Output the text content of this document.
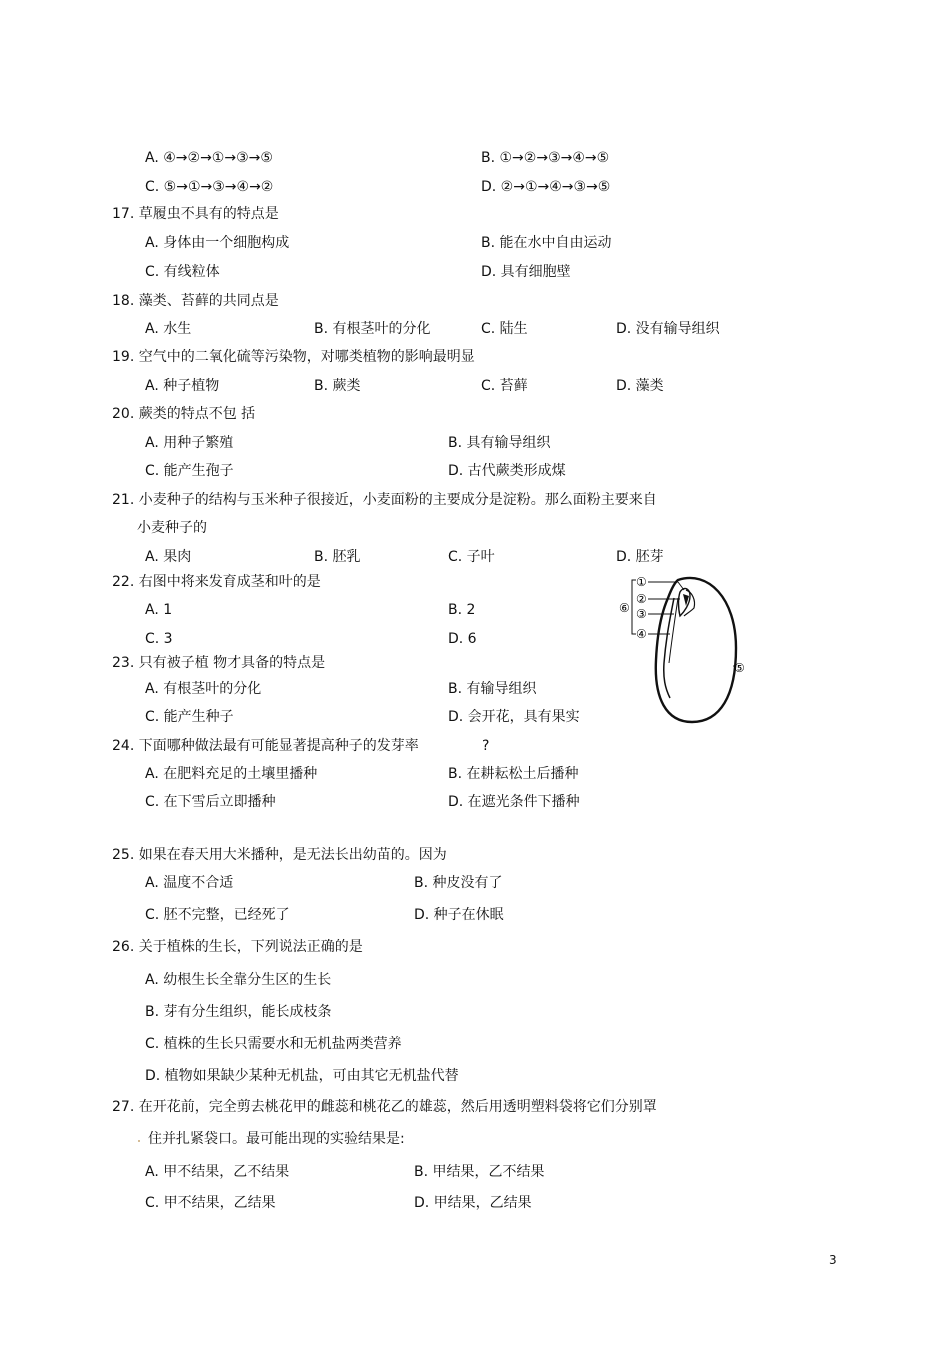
A. ④→②→①→③→⑤	B. ①→②→③→④→⑤
C. ⑤→①→③→④→②	D. ②→①→④→③→⑤
17. 草履虫不具有的特点是
A. 身体由一个细胞构成	B. 能在水中自由运动
C. 有线粒体	D. 具有细胞壁
18. 藻类、苔藓的共同点是
A. 水生	B. 有根茎叶的分化	C. 陆生	D. 没有输导组织
19. 空气中的二氧化硫等污染物，对哪类植物的影响最明显
A. 种子植物	B. 蕨类	C. 苔藓	D. 藻类
20. 蕨类的特点不包 括
A. 用种子繁殖	B. 具有输导组织
C. 能产生孢子	D. 古代蕨类形成煤
21. 小麦种子的结构与玉米种子很接近，小麦面粉的主要成分是淀粉。那么面粉主要来自
小麦种子的
A. 果肉	B. 胚乳	C. 子叶	D. 胚芽
22. 右图中将来发育成茎和叶的是
A. 1	B. 2
C. 3	D. 6
23. 只有被子植 物才具备的特点是
A. 有根茎叶的分化	B. 有输导组织
C. 能产生种子	D. 会开花，具有果实
24. 下面哪种做法最有可能显著提高种子的发芽率	?
A. 在肥料充足的土壤里播种	B. 在耕耘松土后播种
C. 在下雪后立即播种	D. 在遮光条件下播种
25. 如果在春天用大米播种，是无法长出幼苗的。因为
A. 温度不合适	B. 种皮没有了
C. 胚不完整，已经死了	D. 种子在休眠
26. 关于植株的生长，下列说法正确的是
A. 幼根生长全靠分生区的生长
B. 芽有分生组织，能长成枝条
C. 植株的生长只需要水和无机盐两类营养
D. 植物如果缺少某种无机盐，可由其它无机盐代替
27. 在开花前，完全剪去桃花甲的雌蕊和桃花乙的雄蕊，然后用透明塑料袋将它们分别罩
住并扎紧袋口。最可能出现的实验结果是:
A. 甲不结果，乙不结果	B. 甲结果，乙不结果
C. 甲不结果，乙结果	D. 甲结果，乙结果
①
②
③
④
⑤
⑥
3
